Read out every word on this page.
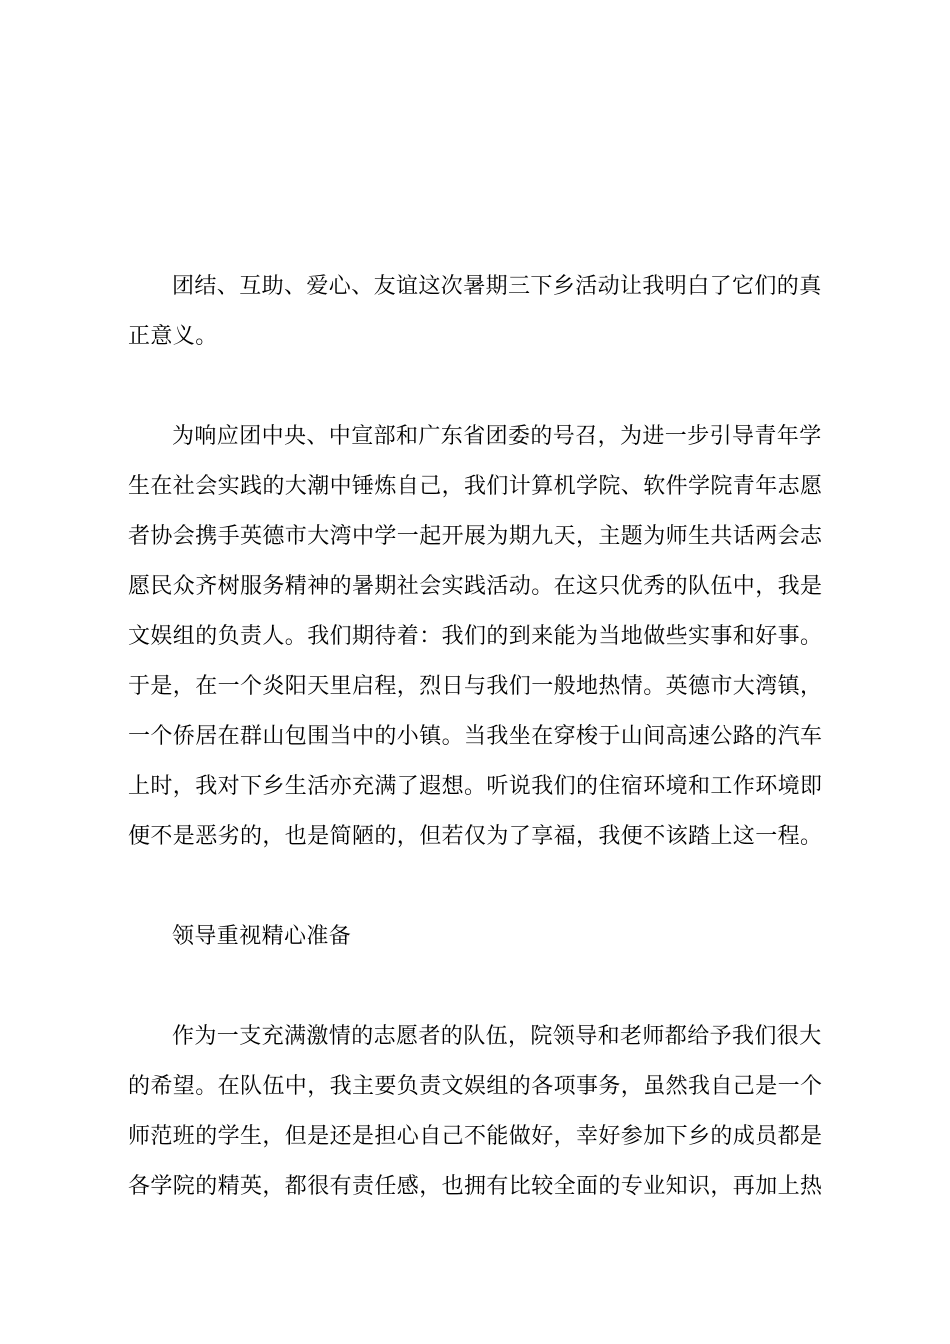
团结、互助、爱心、友谊这次暑期三下乡活动让我明白了它们的真
正意义。
为响应团中央、中宣部和广东省团委的号召，为进一步引导青年学
生在社会实践的大潮中锤炼自己，我们计算机学院、软件学院青年志愿
者协会携手英德市大湾中学一起开展为期九天，主题为师生共话两会志
愿民众齐树服务精神的暑期社会实践活动。在这只优秀的队伍中，我是
文娱组的负责人。我们期待着：我们的到来能为当地做些实事和好事。
于是，在一个炎阳天里启程，烈日与我们一般地热情。英德市大湾镇，
一个侨居在群山包围当中的小镇。当我坐在穿梭于山间高速公路的汽车
上时，我对下乡生活亦充满了遐想。听说我们的住宿环境和工作环境即
便不是恶劣的，也是简陋的，但若仅为了享福，我便不该踏上这一程。
领导重视精心准备
作为一支充满激情的志愿者的队伍，院领导和老师都给予我们很大
的希望。在队伍中，我主要负责文娱组的各项事务，虽然我自己是一个
师范班的学生，但是还是担心自己不能做好，幸好参加下乡的成员都是
各学院的精英，都很有责任感，也拥有比较全面的专业知识，再加上热
